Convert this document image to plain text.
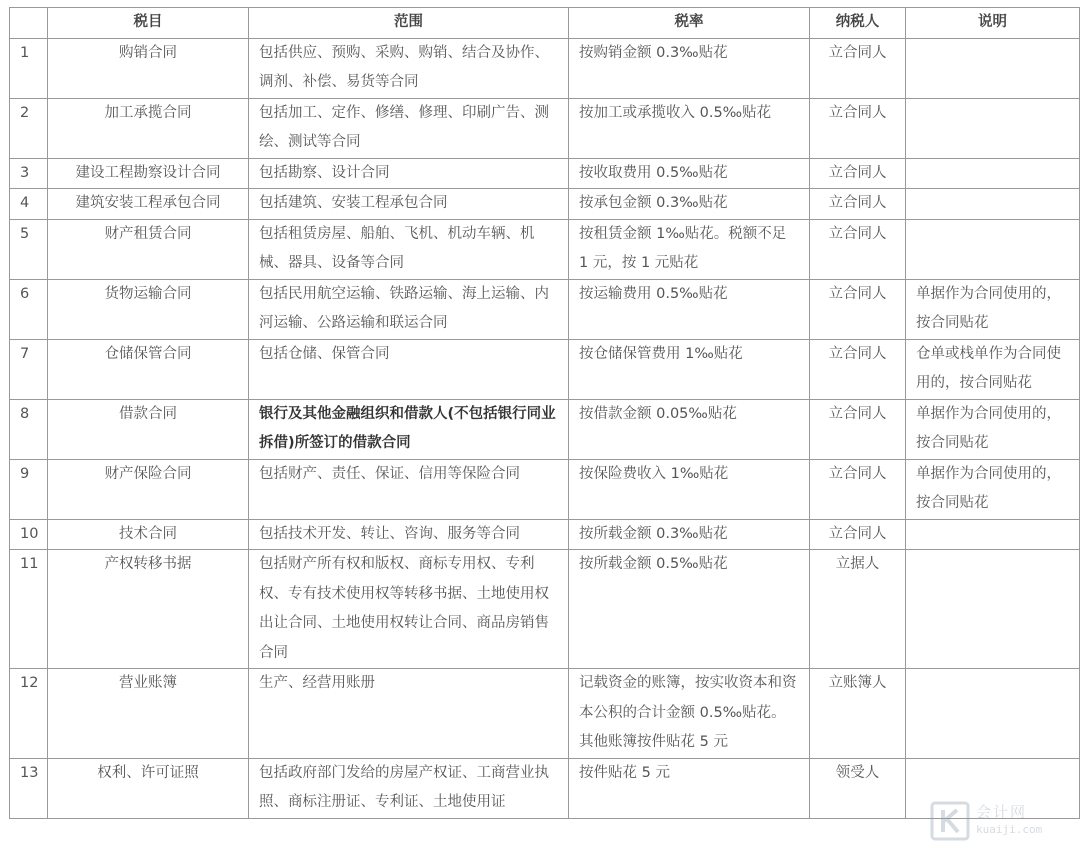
	税目	范围	税率	纳税人	说明
1	购销合同	包括供应、预购、采购、购销、结合及协作、调剂、补偿、易货等合同	按购销金额 0.3‰贴花	立合同人	
2	加工承揽合同	包括加工、定作、修缮、修理、印刷广告、测绘、测试等合同	按加工或承揽收入 0.5‰贴花	立合同人	
3	建设工程勘察设计合同	包括勘察、设计合同	按收取费用 0.5‰贴花	立合同人	
4	建筑安装工程承包合同	包括建筑、安装工程承包合同	按承包金额 0.3‰贴花	立合同人	
5	财产租赁合同	包括租赁房屋、船舶、飞机、机动车辆、机械、器具、设备等合同	按租赁金额 1‰贴花。税额不足 1 元，按 1 元贴花	立合同人	
6	货物运输合同	包括民用航空运输、铁路运输、海上运输、内河运输、公路运输和联运合同	按运输费用 0.5‰贴花	立合同人	单据作为合同使用的，按合同贴花
7	仓储保管合同	包括仓储、保管合同	按仓储保管费用 1‰贴花	立合同人	仓单或栈单作为合同使用的，按合同贴花
8	借款合同	银行及其他金融组织和借款人(不包括银行同业拆借)所签订的借款合同	按借款金额 0.05‰贴花	立合同人	单据作为合同使用的，按合同贴花
9	财产保险合同	包括财产、责任、保证、信用等保险合同	按保险费收入 1‰贴花	立合同人	单据作为合同使用的，按合同贴花
10	技术合同	包括技术开发、转让、咨询、服务等合同	按所载金额 0.3‰贴花	立合同人	
11	产权转移书据	包括财产所有权和版权、商标专用权、专利权、专有技术使用权等转移书据、土地使用权出让合同、土地使用权转让合同、商品房销售合同	按所载金额 0.5‰贴花	立据人	
12	营业账簿	生产、经营用账册	记载资金的账簿，按实收资本和资本公积的合计金额 0.5‰贴花。其他账簿按件贴花 5 元	立账簿人	
13	权利、许可证照	包括政府部门发给的房屋产权证、工商营业执照、商标注册证、专利证、土地使用证	按件贴花 5 元	领受人	
会计网
kuaiji.com
